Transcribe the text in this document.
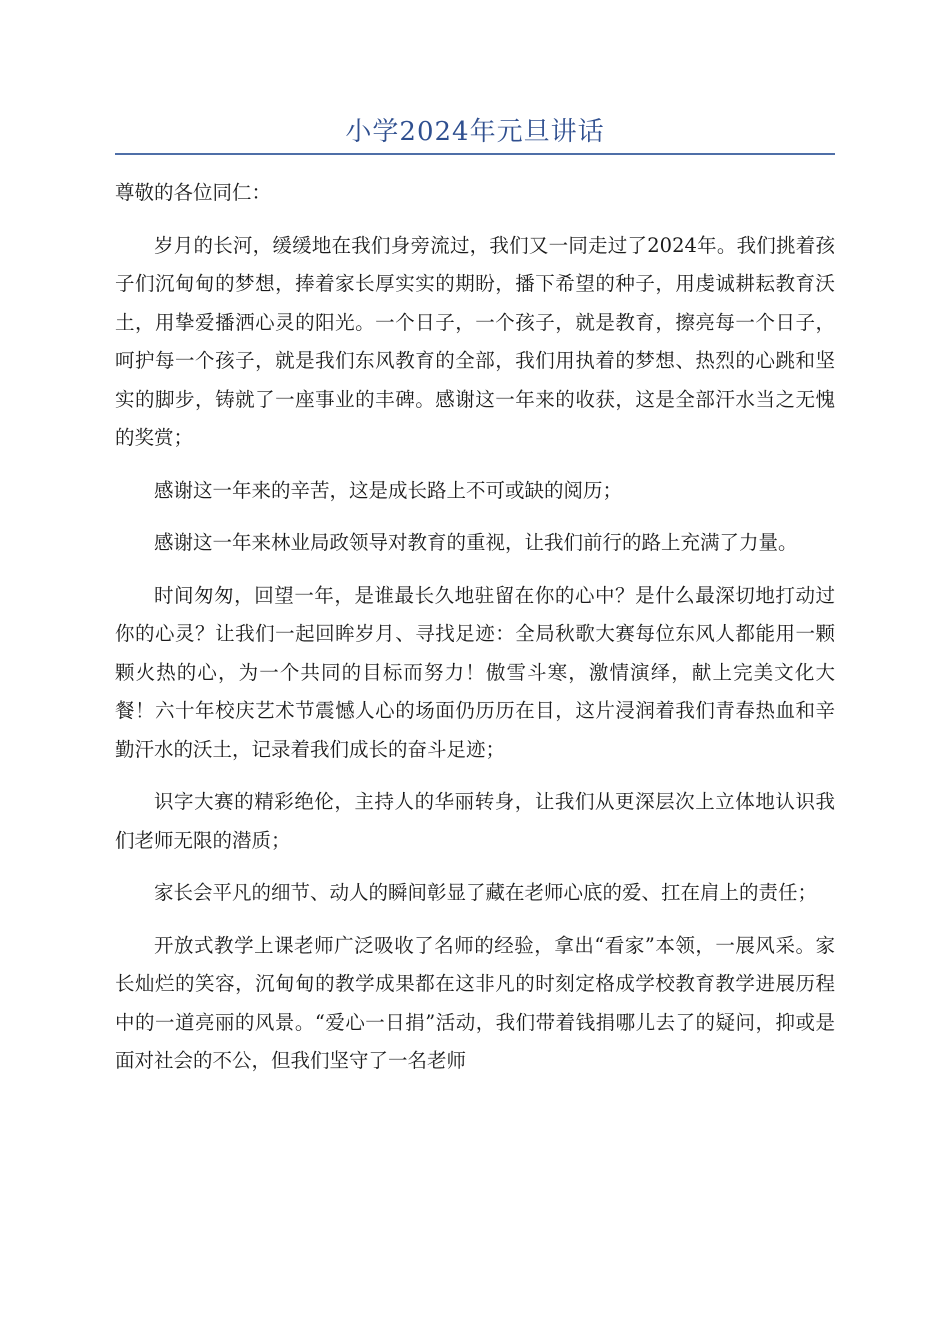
小学2024年元旦讲话

尊敬的各位同仁：

岁月的长河，缓缓地在我们身旁流过，我们又一同走过了2024年。我们挑着孩子们沉甸甸的梦想，捧着家长厚实实的期盼，播下希望的种子，用虔诚耕耘教育沃土，用挚爱播洒心灵的阳光。一个日子，一个孩子，就是教育，擦亮每一个日子，呵护每一个孩子，就是我们东风教育的全部，我们用执着的梦想、热烈的心跳和坚实的脚步，铸就了一座事业的丰碑。感谢这一年来的收获，这是全部汗水当之无愧的奖赏；

感谢这一年来的辛苦，这是成长路上不可或缺的阅历；

感谢这一年来林业局政领导对教育的重视，让我们前行的路上充满了力量。

时间匆匆，回望一年，是谁最长久地驻留在你的心中？是什么最深切地打动过你的心灵？让我们一起回眸岁月、寻找足迹：全局秋歌大赛每位东风人都能用一颗颗火热的心，为一个共同的目标而努力！傲雪斗寒，激情演绎，献上完美文化大餐！六十年校庆艺术节震憾人心的场面仍历历在目，这片浸润着我们青春热血和辛勤汗水的沃土，记录着我们成长的奋斗足迹；

识字大赛的精彩绝伦，主持人的华丽转身，让我们从更深层次上立体地认识我们老师无限的潜质；

家长会平凡的细节、动人的瞬间彰显了藏在老师心底的爱、扛在肩上的责任；

开放式教学上课老师广泛吸收了名师的经验，拿出“看家”本领，一展风采。家长灿烂的笑容，沉甸甸的教学成果都在这非凡的时刻定格成学校教育教学进展历程中的一道亮丽的风景。“爱心一日捐”活动，我们带着钱捐哪儿去了的疑问，抑或是面对社会的不公，但我们坚守了一名老师
